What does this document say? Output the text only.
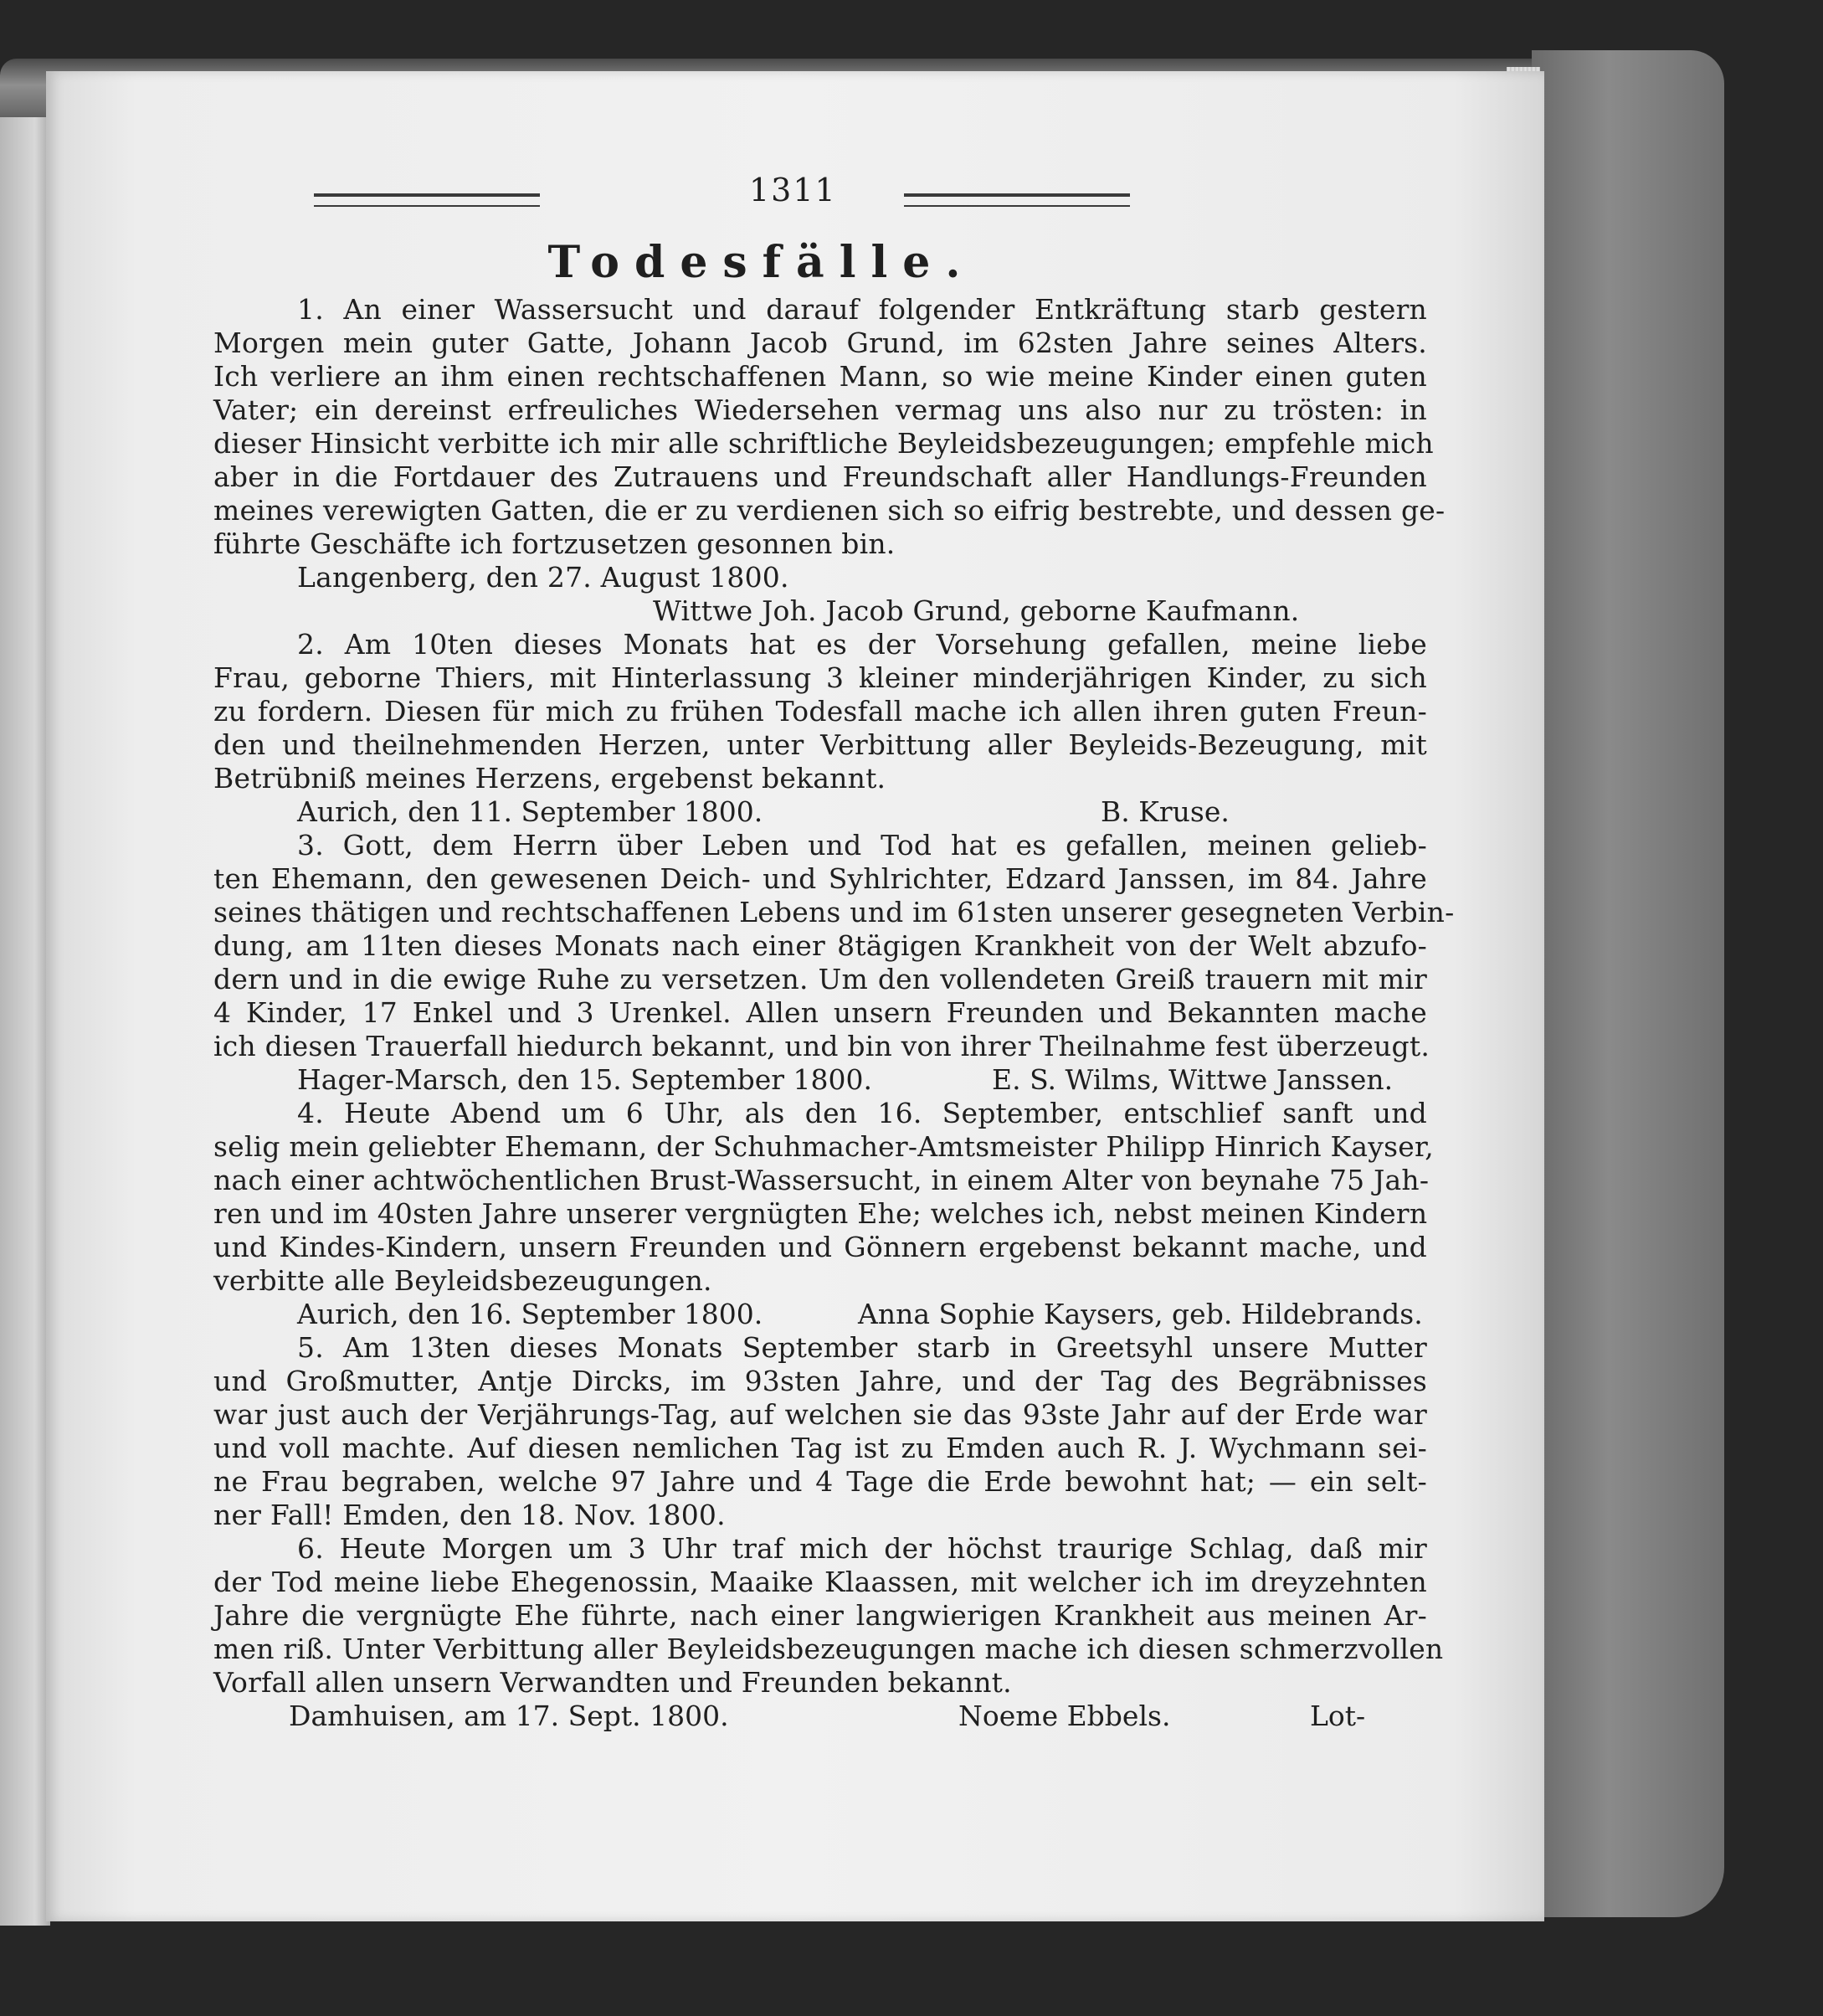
1311
Todesfälle.
1. An einer Wassersucht und darauf folgender Entkräftung starb gestern
Morgen mein guter Gatte, Johann Jacob Grund, im 62sten Jahre seines Alters.
Ich verliere an ihm einen rechtschaffenen Mann, so wie meine Kinder einen guten
Vater; ein dereinst erfreuliches Wiedersehen vermag uns also nur zu trösten: in
dieser Hinsicht verbitte ich mir alle schriftliche Beyleidsbezeugungen; empfehle mich
aber in die Fortdauer des Zutrauens und Freundschaft aller Handlungs-Freunden
meines verewigten Gatten, die er zu verdienen sich so eifrig bestrebte, und dessen ge-
führte Geschäfte ich fortzusetzen gesonnen bin.
Langenberg, den 27. August 1800.
Wittwe Joh. Jacob Grund, geborne Kaufmann.
2. Am 10ten dieses Monats hat es der Vorsehung gefallen, meine liebe
Frau, geborne Thiers, mit Hinterlassung 3 kleiner minderjährigen Kinder, zu sich
zu fordern. Diesen für mich zu frühen Todesfall mache ich allen ihren guten Freun-
den und theilnehmenden Herzen, unter Verbittung aller Beyleids-Bezeugung, mit
Betrübniß meines Herzens, ergebenst bekannt.
Aurich, den 11. September 1800.	B. Kruse.
3. Gott, dem Herrn über Leben und Tod hat es gefallen, meinen gelieb-
ten Ehemann, den gewesenen Deich- und Syhlrichter, Edzard Janssen, im 84. Jahre
seines thätigen und rechtschaffenen Lebens und im 61sten unserer gesegneten Verbin-
dung, am 11ten dieses Monats nach einer 8tägigen Krankheit von der Welt abzufo-
dern und in die ewige Ruhe zu versetzen. Um den vollendeten Greiß trauern mit mir
4 Kinder, 17 Enkel und 3 Urenkel. Allen unsern Freunden und Bekannten mache
ich diesen Trauerfall hiedurch bekannt, und bin von ihrer Theilnahme fest überzeugt.
Hager-Marsch, den 15. September 1800.	E. S. Wilms, Wittwe Janssen.
4. Heute Abend um 6 Uhr, als den 16. September, entschlief sanft und
selig mein geliebter Ehemann, der Schuhmacher-Amtsmeister Philipp Hinrich Kayser,
nach einer achtwöchentlichen Brust-Wassersucht, in einem Alter von beynahe 75 Jah-
ren und im 40sten Jahre unserer vergnügten Ehe; welches ich, nebst meinen Kindern
und Kindes-Kindern, unsern Freunden und Gönnern ergebenst bekannt mache, und
verbitte alle Beyleidsbezeugungen.
Aurich, den 16. September 1800.	Anna Sophie Kaysers, geb. Hildebrands.
5. Am 13ten dieses Monats September starb in Greetsyhl unsere Mutter
und Großmutter, Antje Dircks, im 93sten Jahre, und der Tag des Begräbnisses
war just auch der Verjährungs-Tag, auf welchen sie das 93ste Jahr auf der Erde war
und voll machte. Auf diesen nemlichen Tag ist zu Emden auch R. J. Wychmann sei-
ne Frau begraben, welche 97 Jahre und 4 Tage die Erde bewohnt hat; — ein selt-
ner Fall! Emden, den 18. Nov. 1800.
6. Heute Morgen um 3 Uhr traf mich der höchst traurige Schlag, daß mir
der Tod meine liebe Ehegenossin, Maaike Klaassen, mit welcher ich im dreyzehnten
Jahre die vergnügte Ehe führte, nach einer langwierigen Krankheit aus meinen Ar-
men riß. Unter Verbittung aller Beyleidsbezeugungen mache ich diesen schmerzvollen
Vorfall allen unsern Verwandten und Freunden bekannt.
Damhuisen, am 17. Sept. 1800.	Noeme Ebbels.	Lot-
